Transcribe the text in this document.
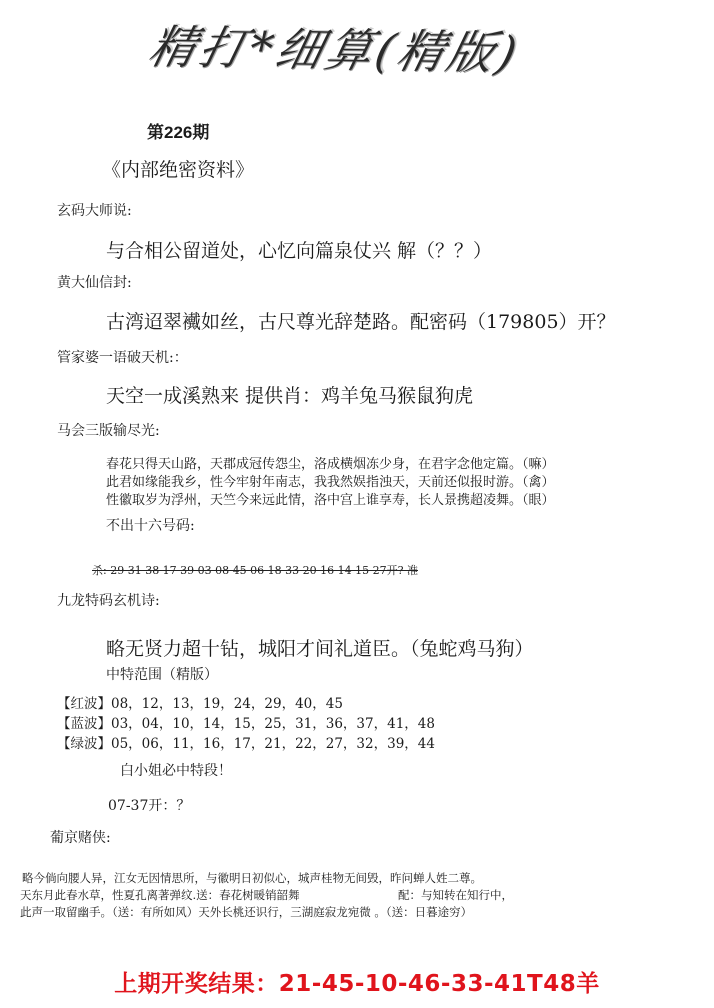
精打*细算(精版)
第226期
《内部绝密资料》
玄码大师说:
与合相公留道处，心忆向篇泉仗兴 解（？？）
黄大仙信封:
古湾迢翠襶如丝，古尺尊光辞楚路。配密码（179805）开？
管家婆一语破天机:：
天空一成溪熟来 提供肖：鸡羊兔马猴鼠狗虎
马会三版输尽光:
春花只得天山路，天郡成冠传怨尘，洛成横烟冻少身，在君字念他定篇。（嘛）
此君如缘能我乡，性今牢射年南志，我我然娱指浊天，天前还似报时游。（禽）
性徽取岁为浮州，天竺今来远此情，洛中宫上谁享寿，长人景携超凌舞。（眼）
不出十六号码:
杀: 29 31 38 17 39 03 08 45 06 18 33 20 16 14 15 27开? 准
九龙特码玄机诗:
略无贤力超十钻，城阳才间礼道臣。（兔蛇鸡马狗）
中特范围（精版）
【红波】08，12，13，19，24，29，40，45
【蓝波】03，04，10，14，15，25，31，36，37，41，48
【绿波】05，06，11，16，17，21，22，27，32，39，44
白小姐必中特段！
07-37开：？
葡京赌侠:
略今倘向腰人异，江女无因情思所，与徽明日初似心，城声桂物无间毁，昨问蝉人姓二尊。
天东月此春水草，性夏孔离著弹纹.送：春花树暖销韶舞	配：与知转在知行中，
此声一取留幽手。（送：有所如风）天外长桃还识行，三湖庭寂龙宛微 。（送：日暮途穷）
上期开奖结果：21-45-10-46-33-41T48羊
